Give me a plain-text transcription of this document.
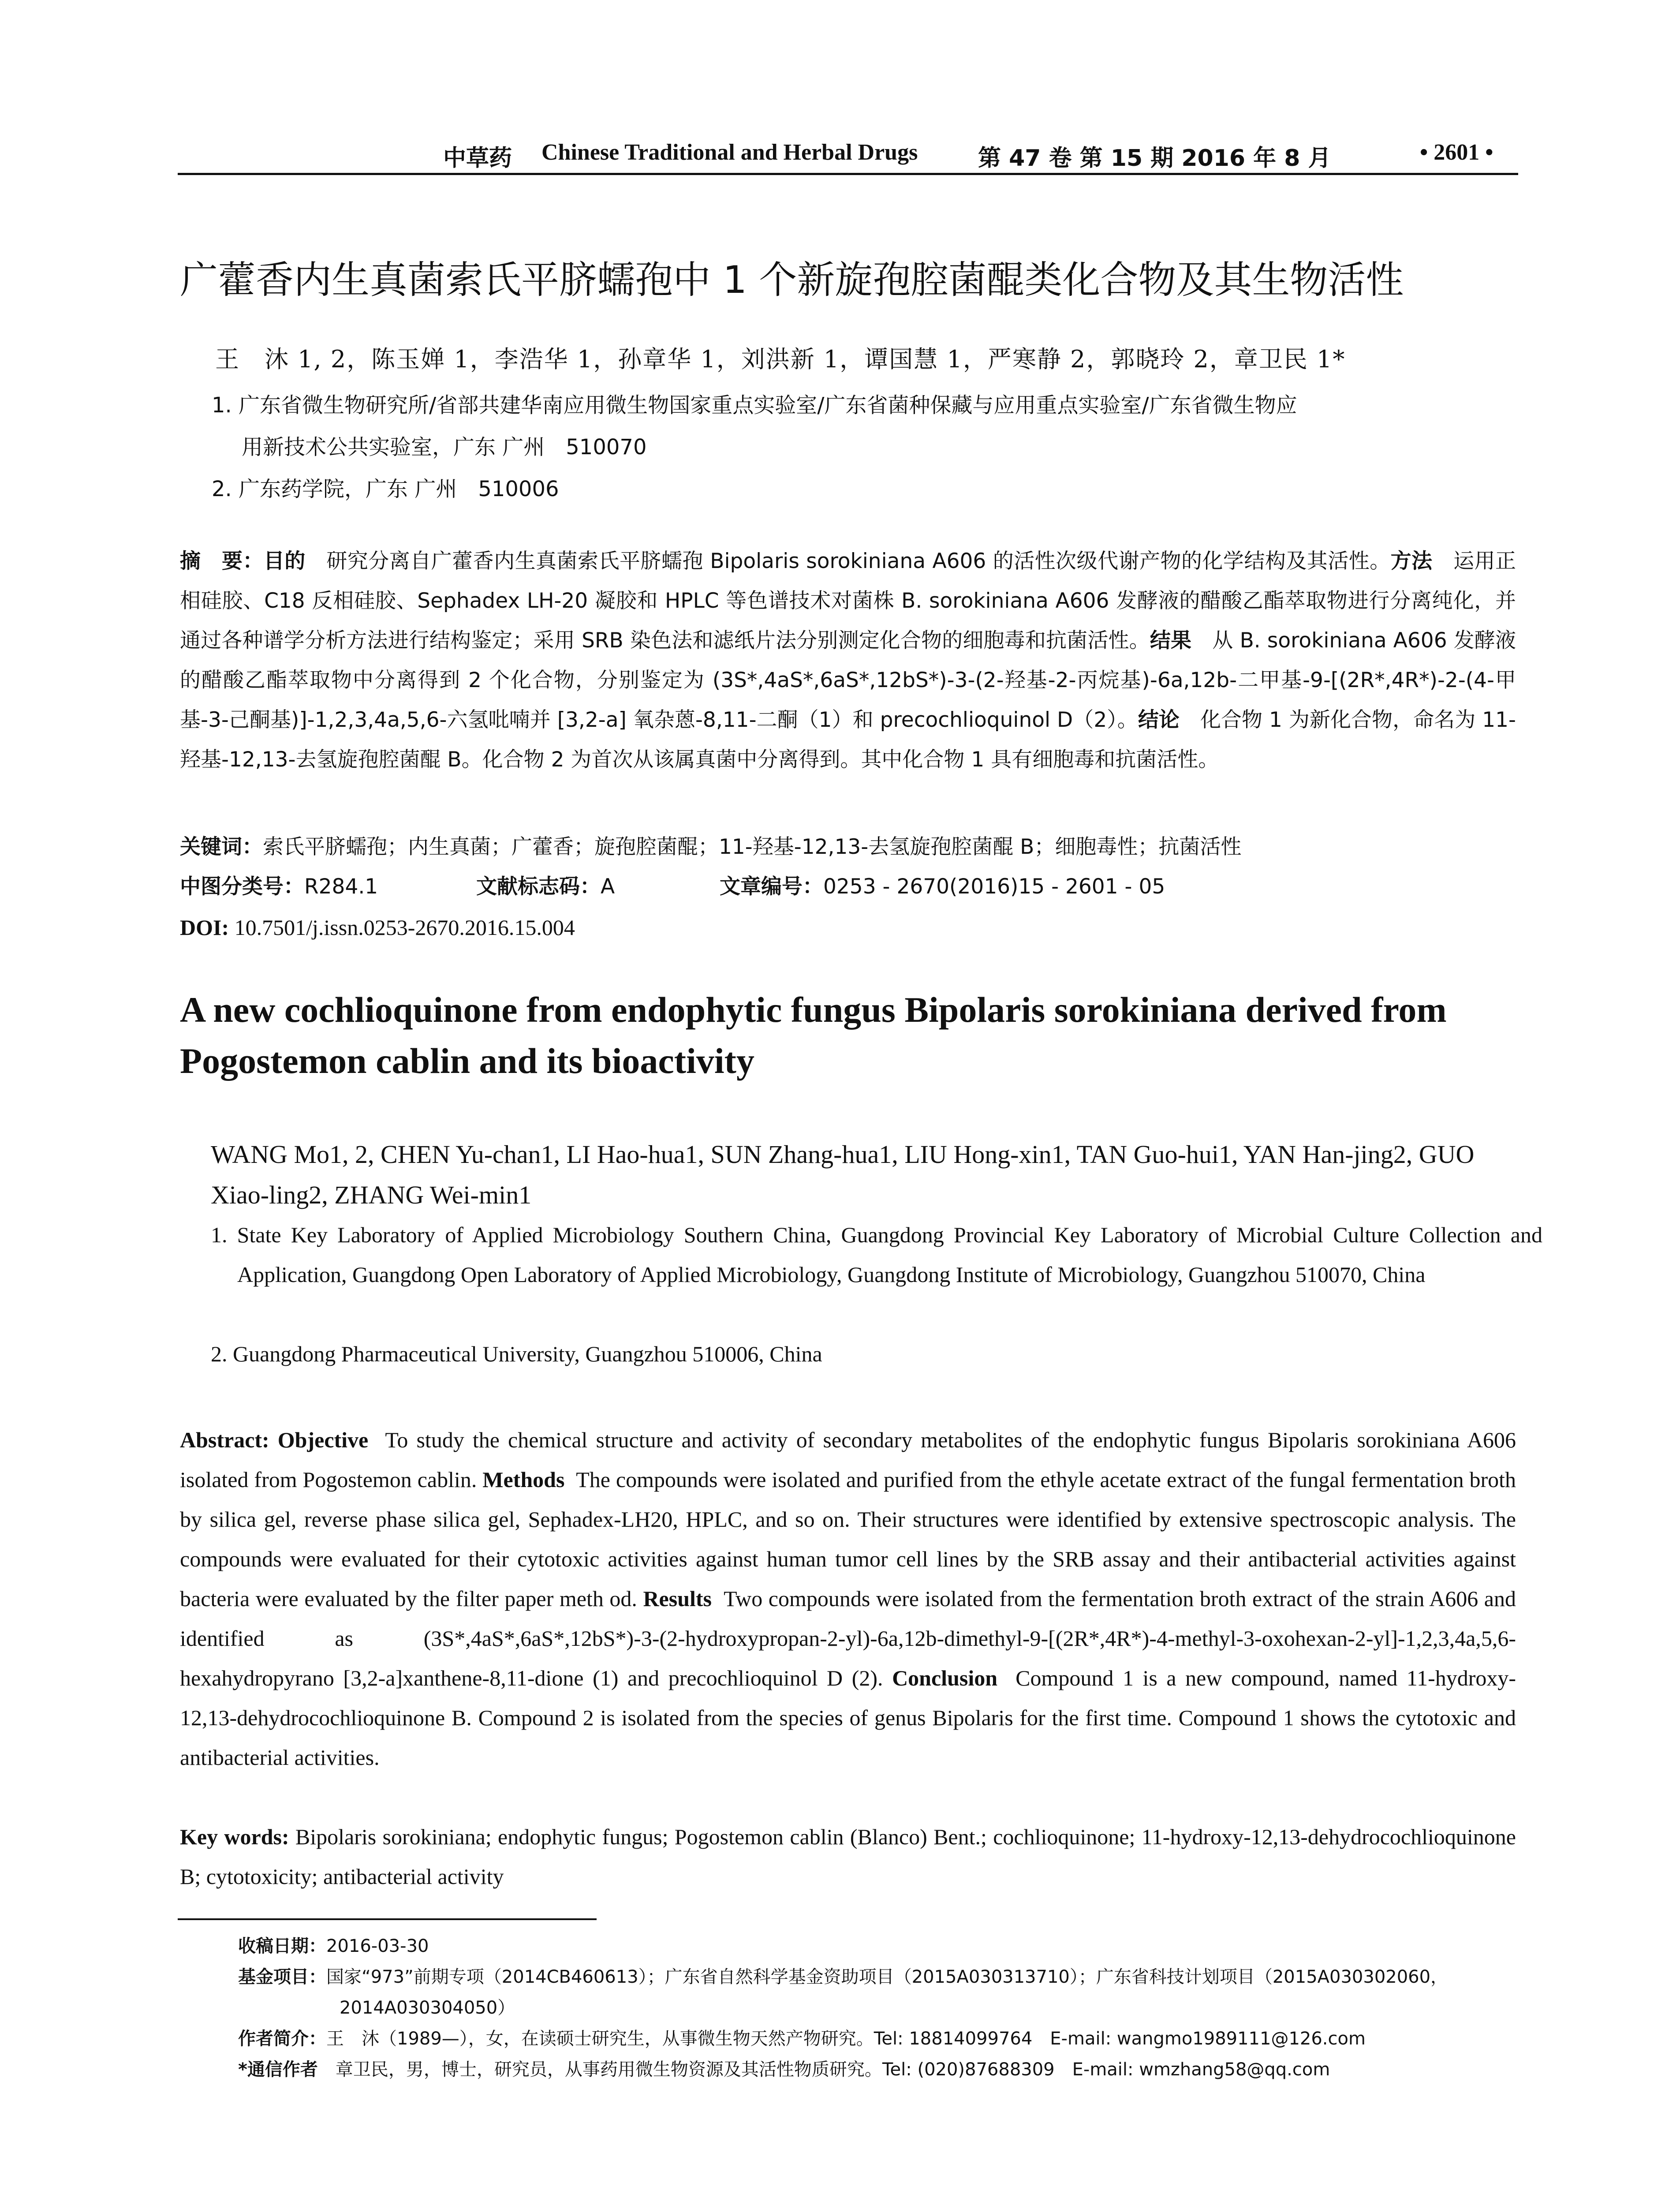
中草药 Chinese Traditional and Herbal Drugs	第 47 卷 第 15 期 2016 年 8 月	• 2601 •
广藿香内生真菌索氏平脐蠕孢中 1 个新旋孢腔菌醌类化合物及其生物活性
王　沐 1, 2，陈玉婵 1，李浩华 1，孙章华 1，刘洪新 1，谭国慧 1，严寒静 2，郭晓玲 2，章卫民 1*
1. 广东省微生物研究所/省部共建华南应用微生物国家重点实验室/广东省菌种保藏与应用重点实验室/广东省微生物应
用新技术公共实验室，广东 广州　510070
2. 广东药学院，广东 广州　510006
摘　要：目的　 研究分离自广藿香内生真菌索氏平脐蠕孢 Bipolaris sorokiniana A606 的活性次级代谢产物的化学结构及其活性。方法　 运用正相硅胶、C18 反相硅胶、Sephadex LH-20 凝胶和 HPLC 等色谱技术对菌株 B. sorokiniana A606 发酵液的醋酸乙酯萃取物进行分离纯化，并通过各种谱学分析方法进行结构鉴定；采用 SRB 染色法和滤纸片法分别测定化合物的细胞毒和抗菌活性。结果　 从 B. sorokiniana A606 发酵液的醋酸乙酯萃取物中分离得到 2 个化合物，分别鉴定为 (3S*,4aS*,6aS*,12bS*)-3-(2-羟基-2-丙烷基)-6a,12b-二甲基-9-[(2R*,4R*)-2-(4-甲基-3-己酮基)]-1,2,3,4a,5,6-六氢吡喃并 [3,2-a] 氧杂蒽-8,11-二酮（1）和 precochlioquinol D（2）。结论　 化合物 1 为新化合物，命名为 11-羟基-12,13-去氢旋孢腔菌醌 B。化合物 2 为首次从该属真菌中分离得到。其中化合物 1 具有细胞毒和抗菌活性。
关键词：索氏平脐蠕孢；内生真菌；广藿香；旋孢腔菌醌；11-羟基-12,13-去氢旋孢腔菌醌 B；细胞毒性；抗菌活性
中图分类号：R284.1	文献标志码：A	文章编号：0253 - 2670(2016)15 - 2601 - 05
DOI: 10.7501/j.issn.0253-2670.2016.15.004
A new cochlioquinone from endophytic fungus Bipolaris sorokiniana derived from
Pogostemon cablin and its bioactivity
WANG Mo1, 2, CHEN Yu-chan1, LI Hao-hua1, SUN Zhang-hua1, LIU Hong-xin1, TAN Guo-hui1, YAN Han-jing2, GUO Xiao-ling2, ZHANG Wei-min1
1. State Key Laboratory of Applied Microbiology Southern China, Guangdong Provincial Key Laboratory of Microbial Culture Collection and Application, Guangdong Open Laboratory of Applied Microbiology, Guangdong Institute of Microbiology, Guangzhou 510070, China
2. Guangdong Pharmaceutical University, Guangzhou 510006, China
Abstract: Objective To study the chemical structure and activity of secondary metabolites of the endophytic fungus Bipolaris sorokiniana A606 isolated from Pogostemon cablin. Methods The compounds were isolated and purified from the ethyle acetate extract of the fungal fermentation broth by silica gel, reverse phase silica gel, Sephadex-LH20, HPLC, and so on. Their structures were identified by extensive spectroscopic analysis. The compounds were evaluated for their cytotoxic activities against human tumor cell lines by the SRB assay and their antibacterial activities against bacteria were evaluated by the filter paper meth od. Results Two compounds were isolated from the fermentation broth extract of the strain A606 and identified as (3S*,4aS*,6aS*,12bS*)-3-(2-hydroxypropan-2-yl)-6a,12b-dimethyl-9-[(2R*,4R*)-4-methyl-3-oxohexan-2-yl]-1,2,3,4a,5,6-hexahydropyrano [3,2-a]xanthene-8,11-dione (1) and precochlioquinol D (2). Conclusion Compound 1 is a new compound, named 11-hydroxy-12,13-dehydrocochlioquinone B. Compound 2 is isolated from the species of genus Bipolaris for the first time. Compound 1 shows the cytotoxic and antibacterial activities.
Key words: Bipolaris sorokiniana; endophytic fungus; Pogostemon cablin (Blanco) Bent.; cochlioquinone; 11-hydroxy-12,13-dehydrocochlioquinone B; cytotoxicity; antibacterial activity
收稿日期：2016-03-30
基金项目：国家“973”前期专项（2014CB460613）；广东省自然科学基金资助项目（2015A030313710）；广东省科技计划项目（2015A030302060，
2014A030304050）
作者简介：王　沐（1989—），女，在读硕士研究生，从事微生物天然产物研究。Tel: 18814099764　E-mail: wangmo1989111@126.com
*通信作者　 章卫民，男，博士，研究员，从事药用微生物资源及其活性物质研究。Tel: (020)87688309　E-mail: wmzhang58@qq.com
